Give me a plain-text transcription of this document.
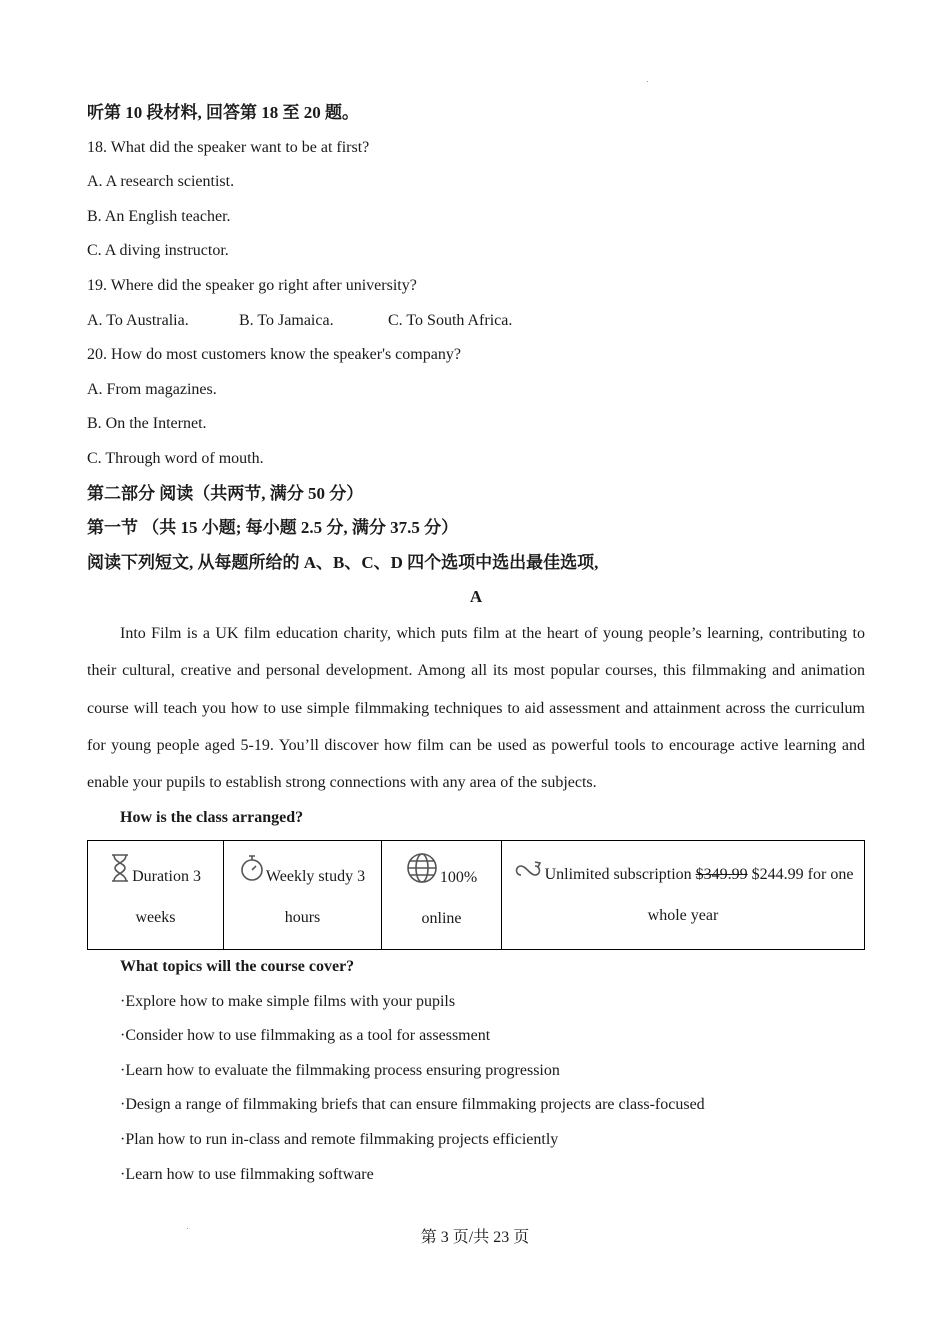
听第 10 段材料, 回答第 18 至 20 题。
18. What did the speaker want to be at first?
A. A research scientist.
B. An English teacher.
C. A diving instructor.
19. Where did the speaker go right after university?
A. To Australia.	B. To Jamaica.	C. To South Africa.
20. How do most customers know the speaker's company?
A. From magazines.
B. On the Internet.
C. Through word of mouth.
第二部分 阅读（共两节, 满分 50 分）
第一节 （共 15 小题; 每小题 2.5 分, 满分 37.5 分）
阅读下列短文, 从每题所给的 A、B、C、D 四个选项中选出最佳选项,
A

Into Film is a UK film education charity, which puts film at the heart of young people’s learning, contributing to their cultural, creative and personal development. Among all its most popular courses, this filmmaking and animation course will teach you how to use simple filmmaking techniques to aid assessment and attainment across the curriculum for young people aged 5-19. You’ll discover how film can be used as powerful tools to encourage active learning and enable your pupils to establish strong connections with any area of the subjects.

How is the class arranged?
Duration 3 weeks	Weekly study 3 hours	100% online	Unlimited subscription $349.99 $244.99 for one whole year
What topics will the course cover?
·Explore how to make simple films with your pupils
·Consider how to use filmmaking as a tool for assessment
·Learn how to evaluate the filmmaking process ensuring progression
·Design a range of filmmaking briefs that can ensure filmmaking projects are class-focused
·Plan how to run in-class and remote filmmaking projects efficiently
·Learn how to use filmmaking software
第 3 页/共 23 页
